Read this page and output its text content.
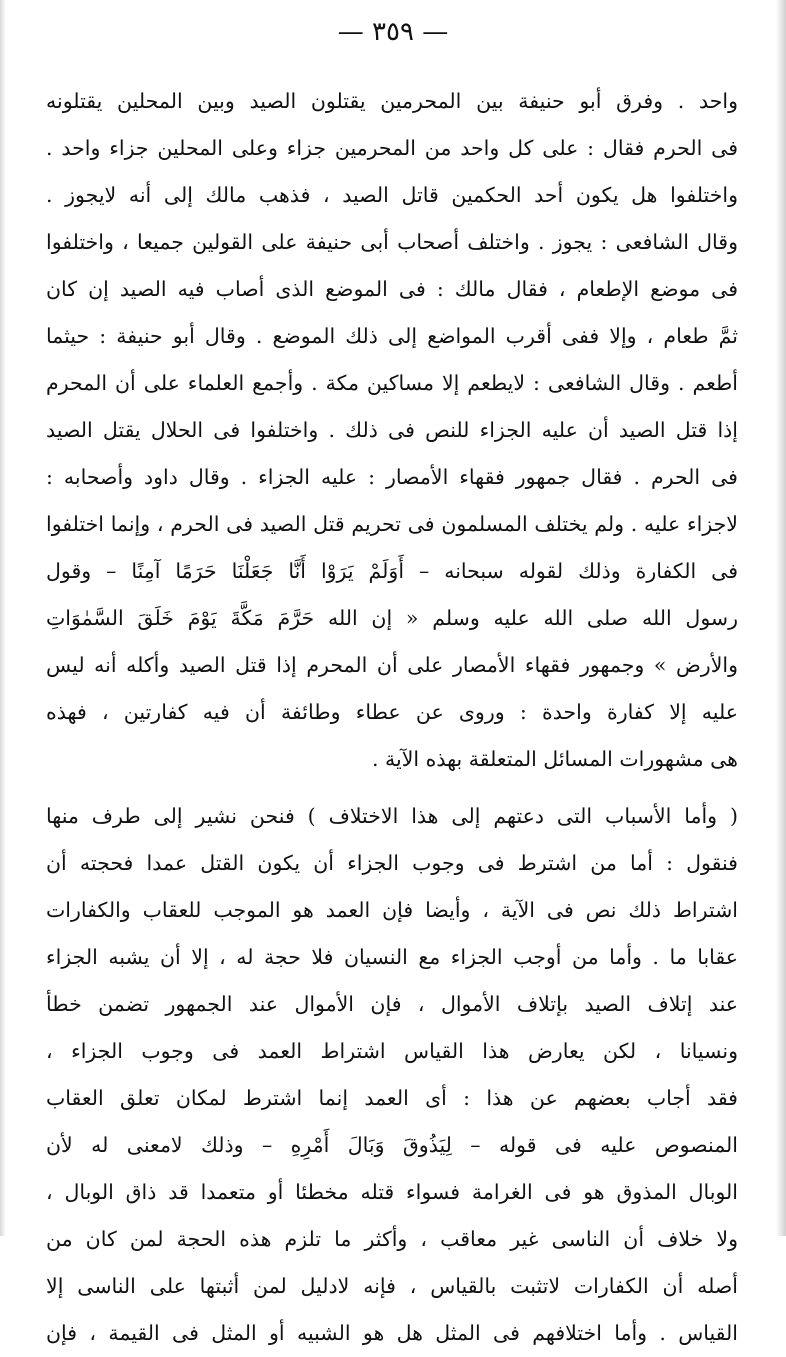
— ٣٥٩ —
واحد . وفرق أبو حنيفة بين المحرمين يقتلون الصيد وبين المحلين يقتلونه
فى الحرم فقال : على كل واحد من المحرمين جزاء وعلى المحلين جزاء واحد .
واختلفوا هل يكون أحد الحكمين قاتل الصيد ، فذهب مالك إلى أنه لايجوز .
وقال الشافعى : يجوز . واختلف أصحاب أبى حنيفة على القولين جميعا ، واختلفوا
فى موضع الإطعام ، فقال مالك : فى الموضع الذى أصاب فيه الصيد إن كان
ثمَّ طعام ، وإلا ففى أقرب المواضع إلى ذلك الموضع . وقال أبو حنيفة : حيثما
أطعم . وقال الشافعى : لايطعم إلا مساكين مكة . وأجمع العلماء على أن المحرم
إذا قتل الصيد أن عليه الجزاء للنص فى ذلك . واختلفوا فى الحلال يقتل الصيد
فى الحرم . فقال جمهور فقهاء الأمصار : عليه الجزاء . وقال داود وأصحابه :
لاجزاء عليه . ولم يختلف المسلمون فى تحريم قتل الصيد فى الحرم ، وإنما اختلفوا
فى الكفارة وذلك لقوله سبحانه – أَوَلَمْ يَرَوْا أَنَّا جَعَلْنَا حَرَمًا آمِنًا – وقول
رسول الله صلى الله عليه وسلم « إن الله حَرَّمَ مَكَّةَ يَوْمَ خَلَقَ السَّمٰوَاتِ
والأرض » وجمهور فقهاء الأمصار على أن المحرم إذا قتل الصيد وأكله أنه ليس
عليه إلا كفارة واحدة : وروى عن عطاء وطائفة أن فيه كفارتين ، فهذه
هى مشهورات المسائل المتعلقة بهذه الآية .
( وأما الأسباب التى دعتهم إلى هذا الاختلاف ) فنحن نشير إلى طرف منها
فنقول : أما من اشترط فى وجوب الجزاء أن يكون القتل عمدا فحجته أن
اشتراط ذلك نص فى الآية ، وأيضا فإن العمد هو الموجب للعقاب والكفارات
عقابا ما . وأما من أوجب الجزاء مع النسيان فلا حجة له ، إلا أن يشبه الجزاء
عند إتلاف الصيد بإتلاف الأموال ، فإن الأموال عند الجمهور تضمن خطأ
ونسيانا ، لكن يعارض هذا القياس اشتراط العمد فى وجوب الجزاء ،
فقد أجاب بعضهم عن هذا : أى العمد إنما اشترط لمكان تعلق العقاب
المنصوص عليه فى قوله – لِيَذُوقَ وَبَالَ أَمْرِهِ – وذلك لامعنى له لأن
الوبال المذوق هو فى الغرامة فسواء قتله مخطئا أو متعمدا قد ذاق الوبال ،
ولا خلاف أن الناسى غير معاقب ، وأكثر ما تلزم هذه الحجة لمن كان من
أصله أن الكفارات لاتثبت بالقياس ، فإنه لادليل لمن أثبتها على الناسى إلا
القياس . وأما اختلافهم فى المثل هل هو الشبيه أو المثل فى القيمة ، فإن
